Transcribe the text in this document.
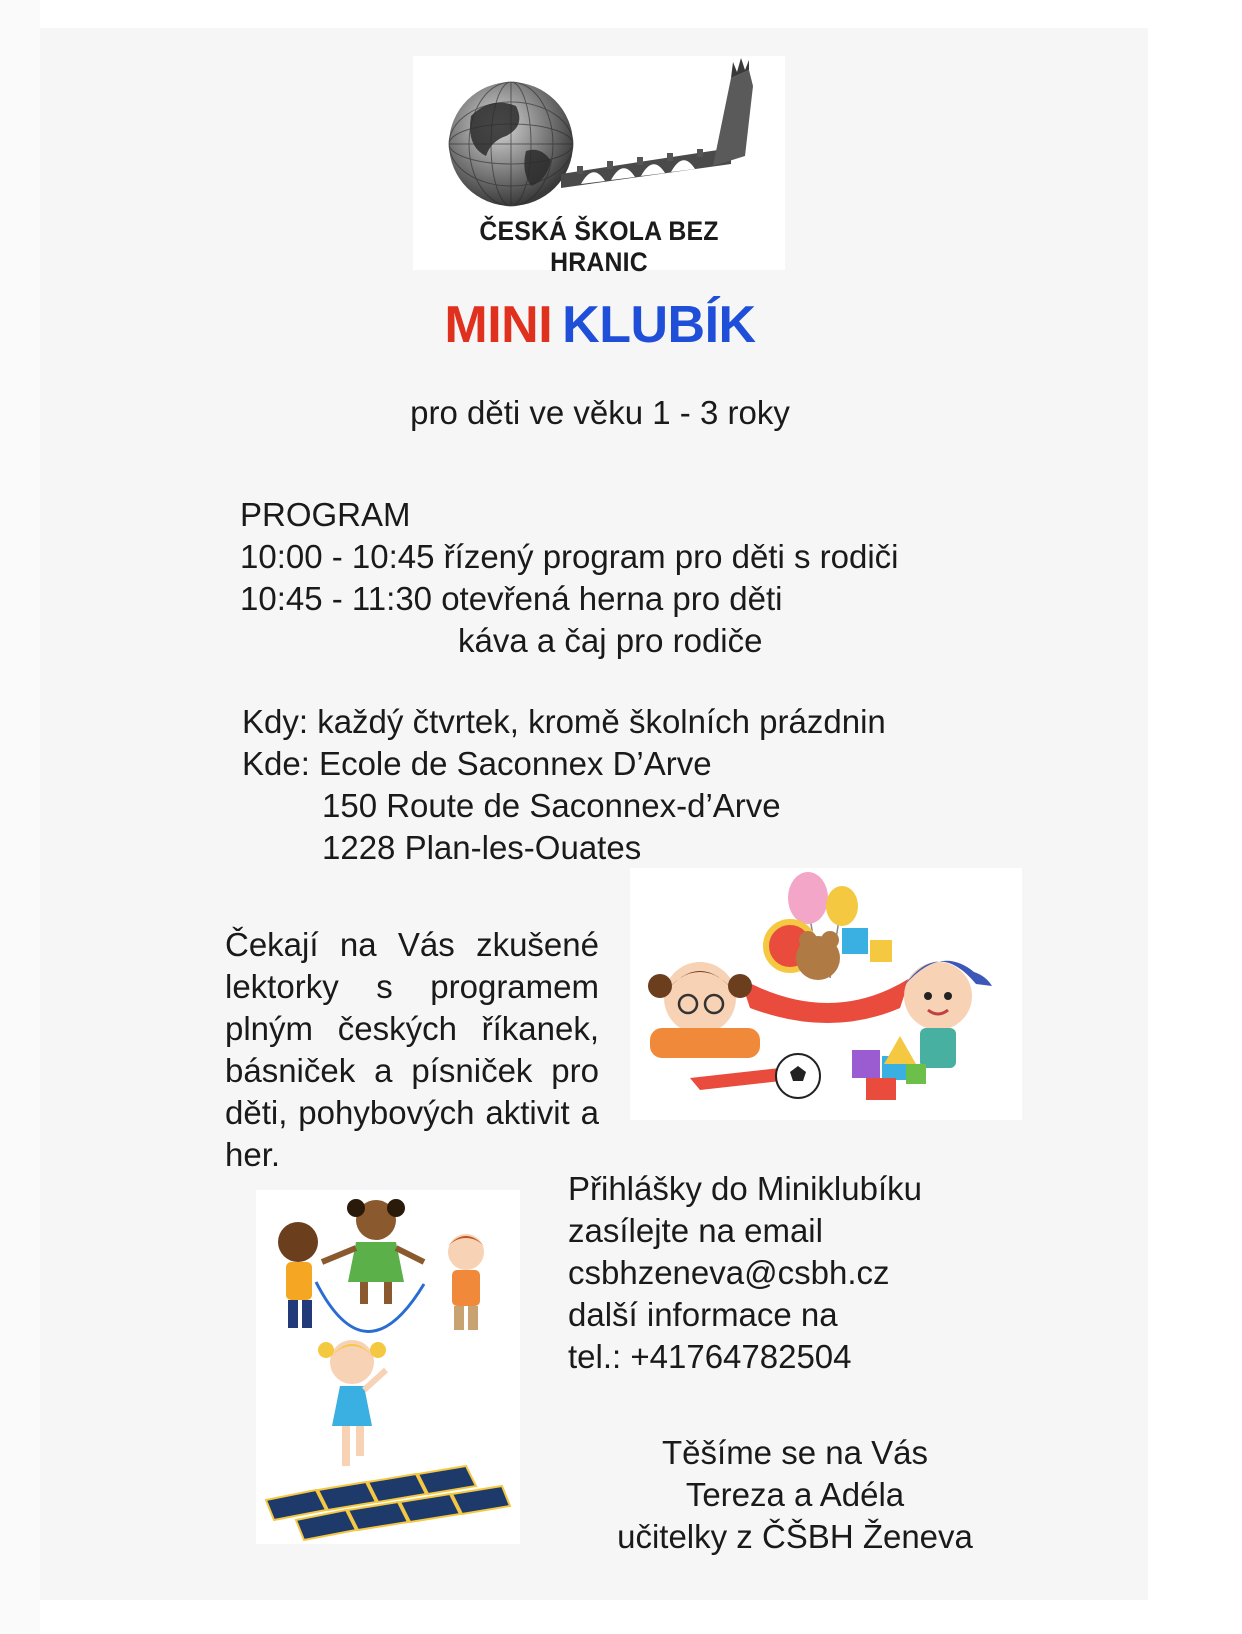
ČESKÁ ŠKOLA BEZ HRANIC
MINI KLUBÍK
pro děti ve věku 1 - 3 roky
PROGRAM
10:00 - 10:45 řízený program pro děti s rodiči
10:45 - 11:30 otevřená herna pro děti
káva a čaj pro rodiče
Kdy: každý čtvrtek, kromě školních prázdnin
Kde: Ecole de Saconnex D’Arve
150 Route de Saconnex-d’Arve
1228 Plan-les-Ouates

Čekají na Vás zkušené lektorky s programem plným českých říkanek, básniček a písniček pro děti, pohybových aktivit a her.

Přihlášky do Miniklubíku
zasílejte na email
csbhzeneva@csbh.cz
další informace na
tel.: +41764782504
Těšíme se na Vás
Tereza a Adéla
učitelky z ČŠBH Ženeva
